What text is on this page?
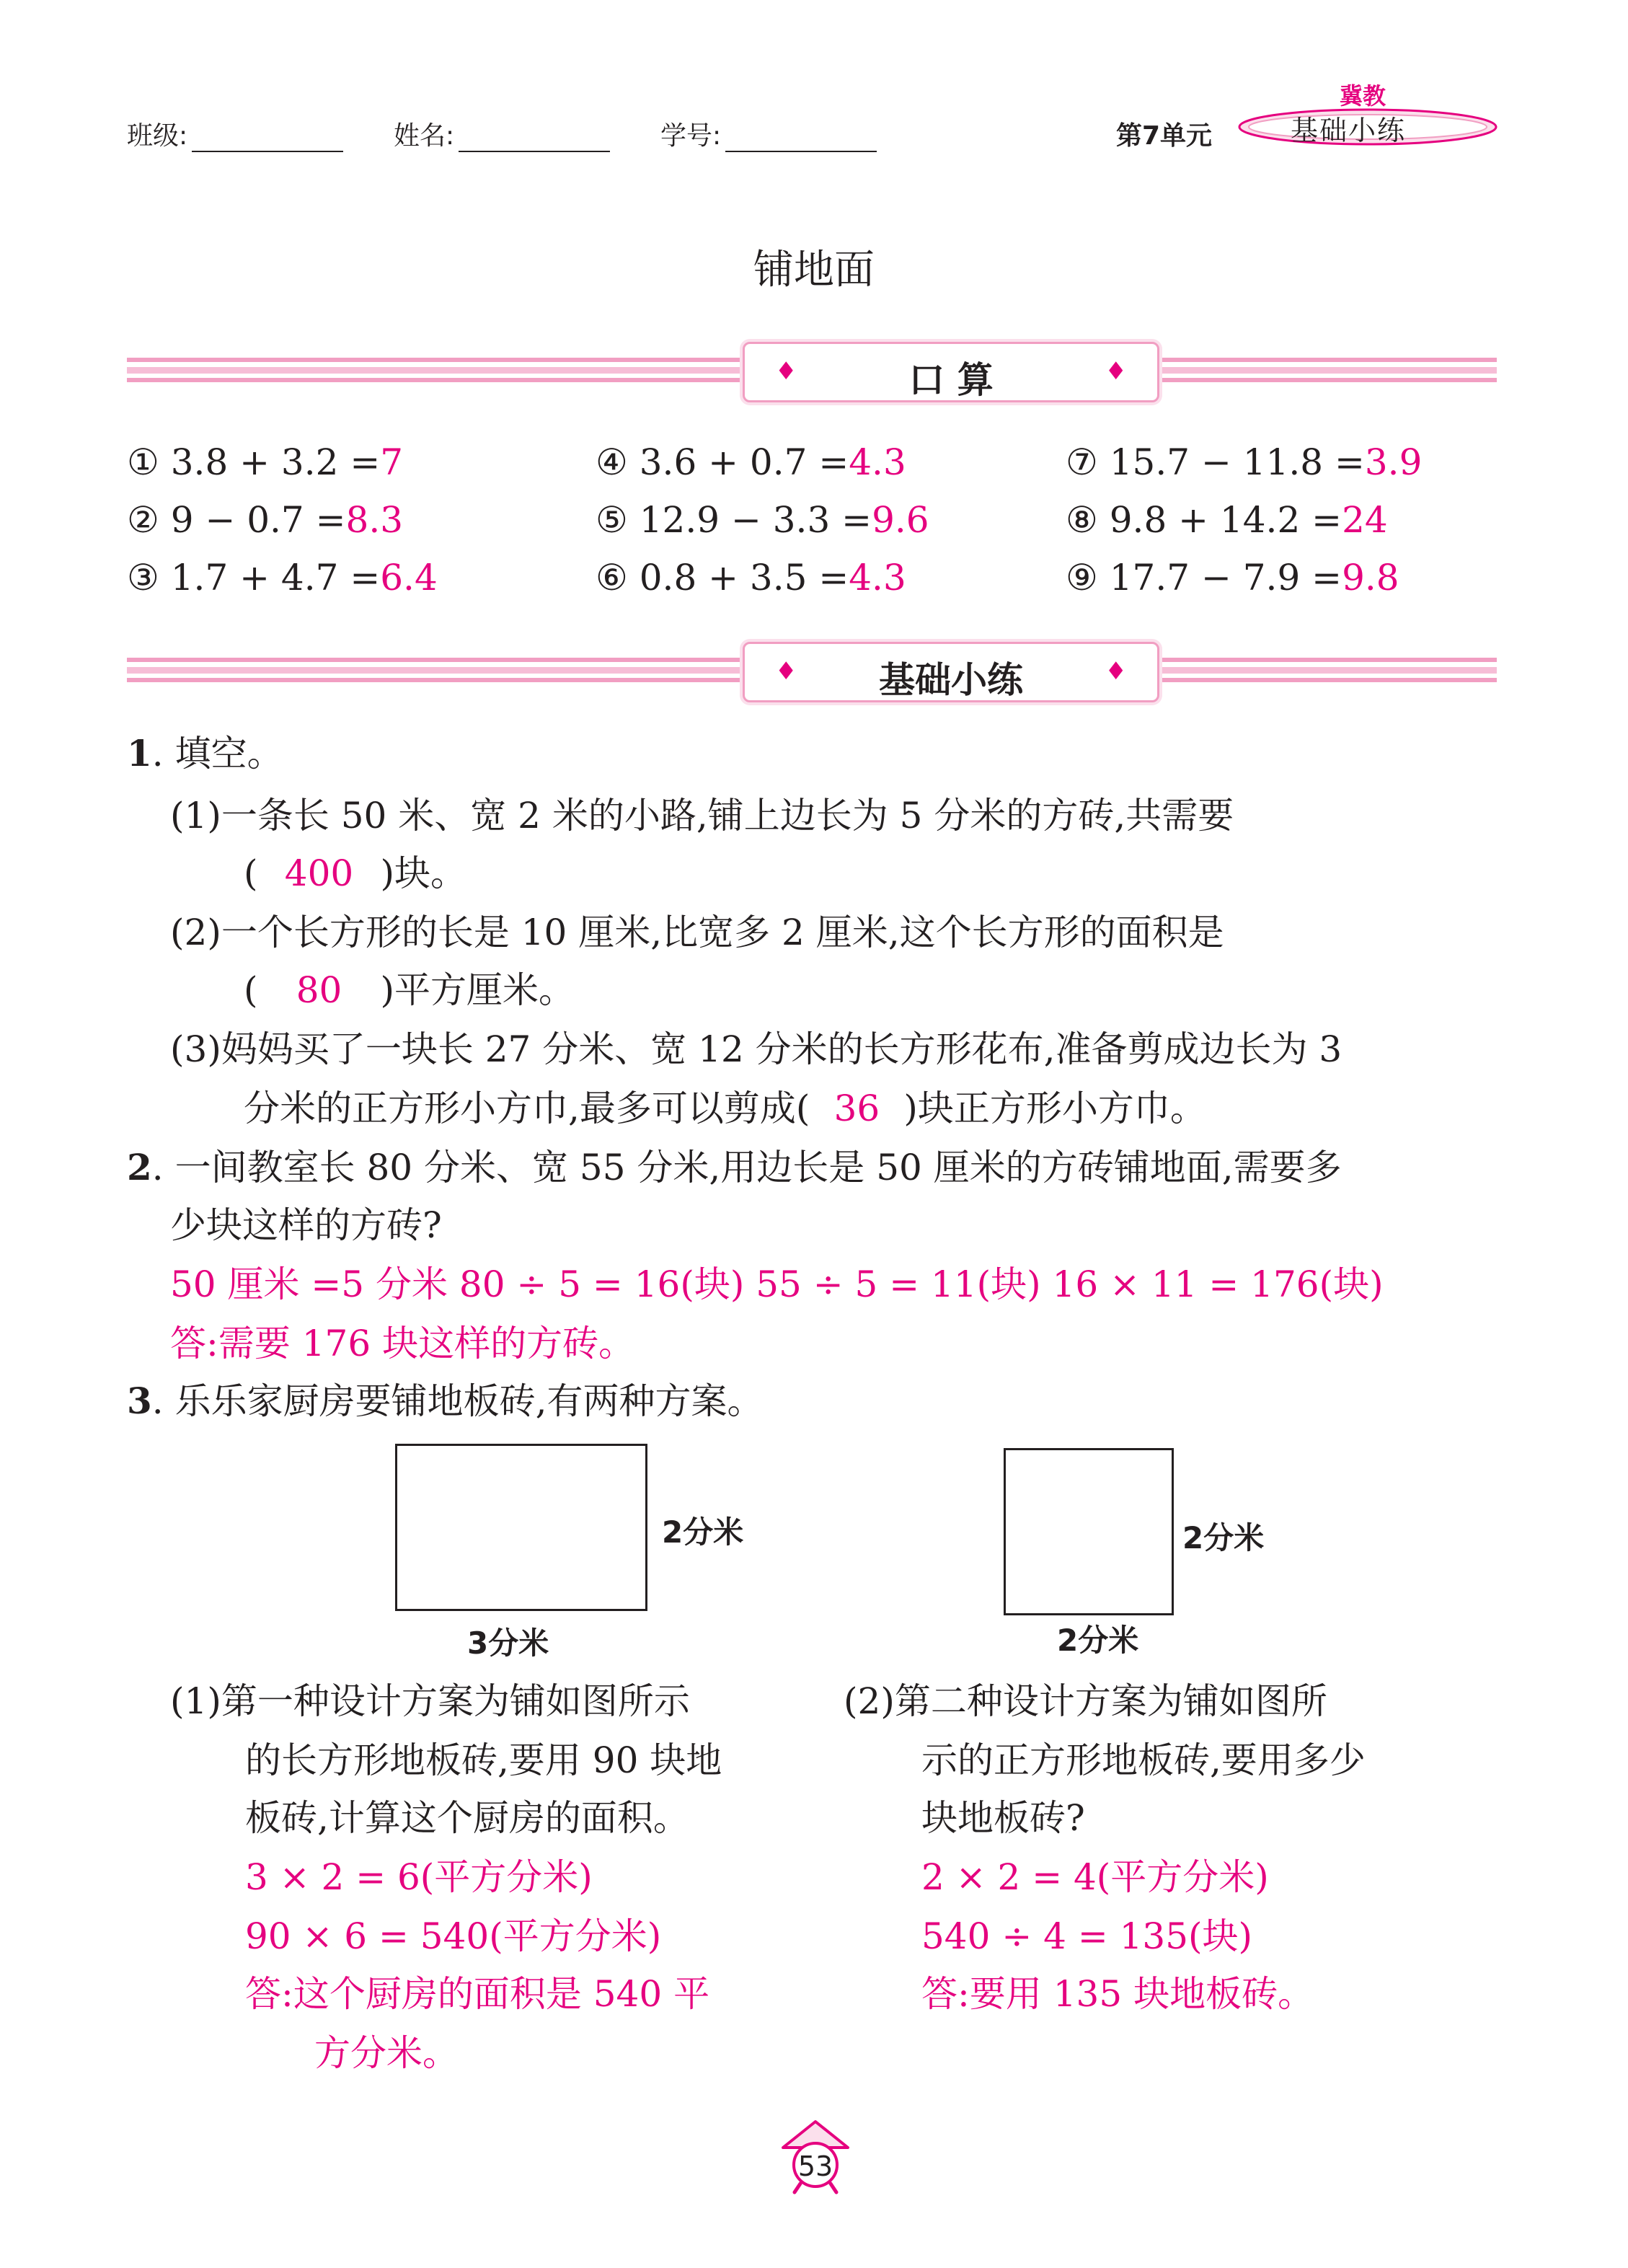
班级:	姓名:	学号:	第7单元
冀教
基础小练
铺地面
♦	口 算	♦
① 3.8 + 3.2 =7	④ 3.6 + 0.7 =4.3	⑦ 15.7 − 11.8 =3.9
② 9 − 0.7 =8.3	⑤ 12.9 − 3.3 =9.6	⑧ 9.8 + 14.2 =24
③ 1.7 + 4.7 =6.4	⑥ 0.8 + 3.5 =4.3	⑨ 17.7 − 7.9 =9.8
♦	基础小练	♦
1. 填空。
(1)一条长 50 米、宽 2 米的小路,铺上边长为 5 分米的方砖,共需要
( 400 )块。
(2)一个长方形的长是 10 厘米,比宽多 2 厘米,这个长方形的面积是
( 80 )平方厘米。
(3)妈妈买了一块长 27 分米、宽 12 分米的长方形花布,准备剪成边长为 3
分米的正方形小方巾,最多可以剪成( 36 )块正方形小方巾。
2. 一间教室长 80 分米、宽 55 分米,用边长是 50 厘米的方砖铺地面,需要多
少块这样的方砖?
50 厘米 =5 分米 80 ÷ 5 = 16(块) 55 ÷ 5 = 11(块) 16 × 11 = 176(块)
答:需要 176 块这样的方砖。
3. 乐乐家厨房要铺地板砖,有两种方案。
2分米
3分米
2分米
2分米
(1)第一种设计方案为铺如图所示
的长方形地板砖,要用 90 块地
板砖,计算这个厨房的面积。
3 × 2 = 6(平方分米)
90 × 6 = 540(平方分米)
答:这个厨房的面积是 540 平
方分米。
(2)第二种设计方案为铺如图所
示的正方形地板砖,要用多少
块地板砖?
2 × 2 = 4(平方分米)
540 ÷ 4 = 135(块)
答:要用 135 块地板砖。
53
